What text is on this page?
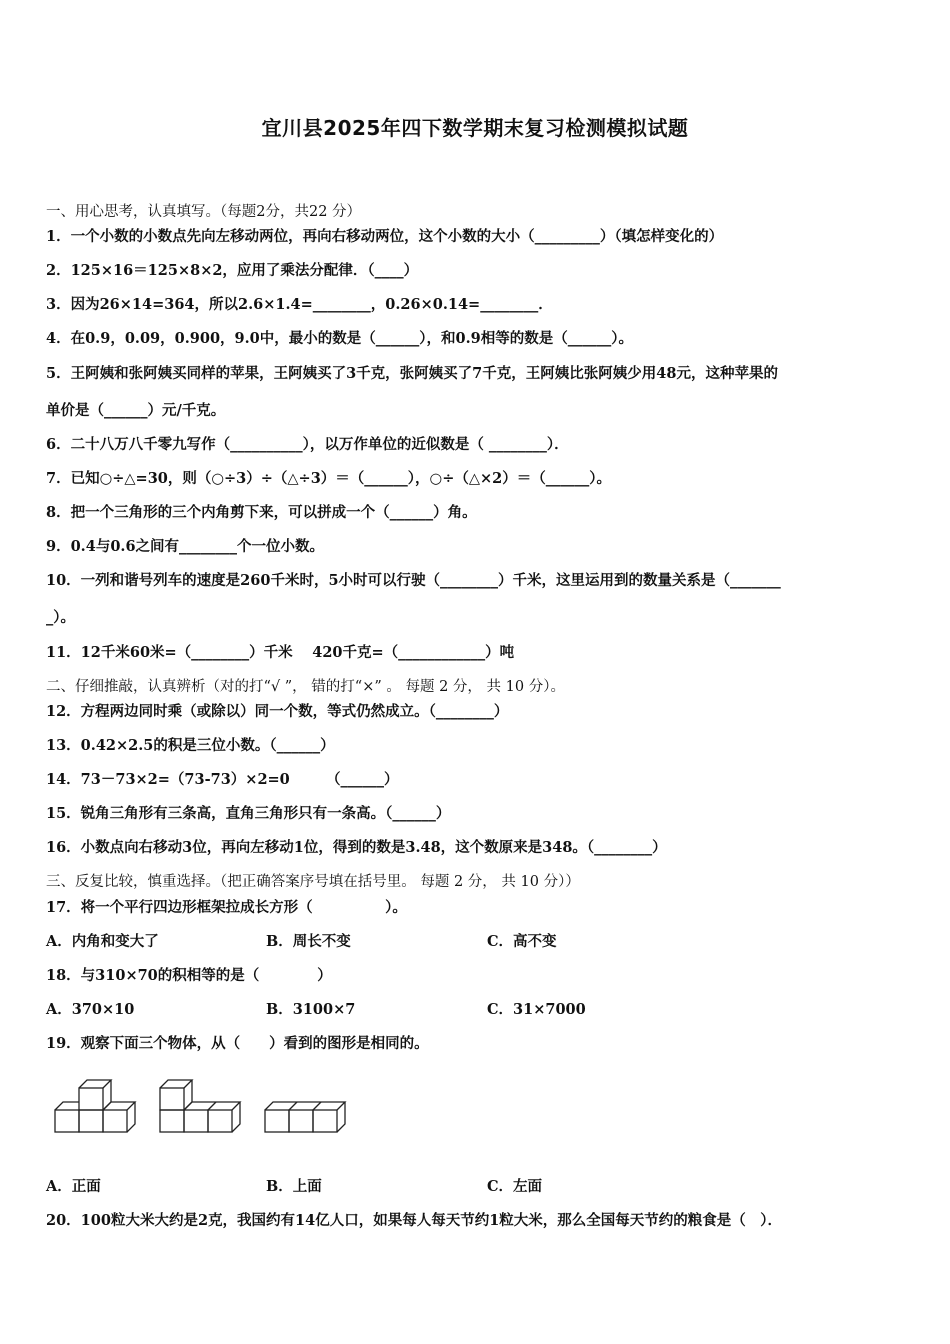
宜川县2025年四下数学期末复习检测模拟试题
一、用心思考，认真填写。（每题2分，共22 分）
1．一个小数的小数点先向左移动两位，再向右移动两位，这个小数的大小（_________）（填怎样变化的）
2．125×16＝125×8×2，应用了乘法分配律．（____）
3．因为26×14=364，所以2.6×1.4=________，0.26×0.14=________．
4．在0.9，0.09，0.900，9.0中，最小的数是（______），和0.9相等的数是（______）。
5．王阿姨和张阿姨买同样的苹果，王阿姨买了3千克，张阿姨买了7千克，王阿姨比张阿姨少用48元，这种苹果的
单价是（______）元/千克。
6．二十八万八千零九写作（__________），以万作单位的近似数是（ ________）．
7．已知○÷△=30，则（○÷3）÷（△÷3）＝（______），○÷（△×2）＝（______）。
8．把一个三角形的三个内角剪下来，可以拼成一个（______）角。
9．0.4与0.6之间有________个一位小数。
10．一列和谐号列车的速度是260千米时，5小时可以行驶（________）千米，这里运用到的数量关系是（_______
_）。
11．12千米60米=（________）千米　 420千克=（____________）吨
二、仔细推敲，认真辨析（对的打“√ ”， 错的打“×” 。 每题 2 分， 共 10 分）。
12．方程两边同时乘（或除以）同一个数，等式仍然成立。（________）
13．0.42×2.5的积是三位小数。（______）
14．73－73×2=（73-73）×2=0　　　（______）
15．锐角三角形有三条高，直角三角形只有一条高。（______）
16．小数点向右移动3位，再向左移动1位，得到的数是3.48，这个数原来是348。（________）
三、反复比较，慎重选择。（把正确答案序号填在括号里。 每题 2 分， 共 10 分））
17．将一个平行四边形框架拉成长方形（　　　　　）。
A．内角和变大了	B．周长不变	C．高不变
18．与310×70的积相等的是（　　　　）
A．370×10	B．3100×7	C．31×7000
19．观察下面三个物体，从（　　）看到的图形是相同的。
A．正面	B．上面	C．左面
20．100粒大米大约是2克，我国约有14亿人口，如果每人每天节约1粒大米，那么全国每天节约的粮食是（　）．
